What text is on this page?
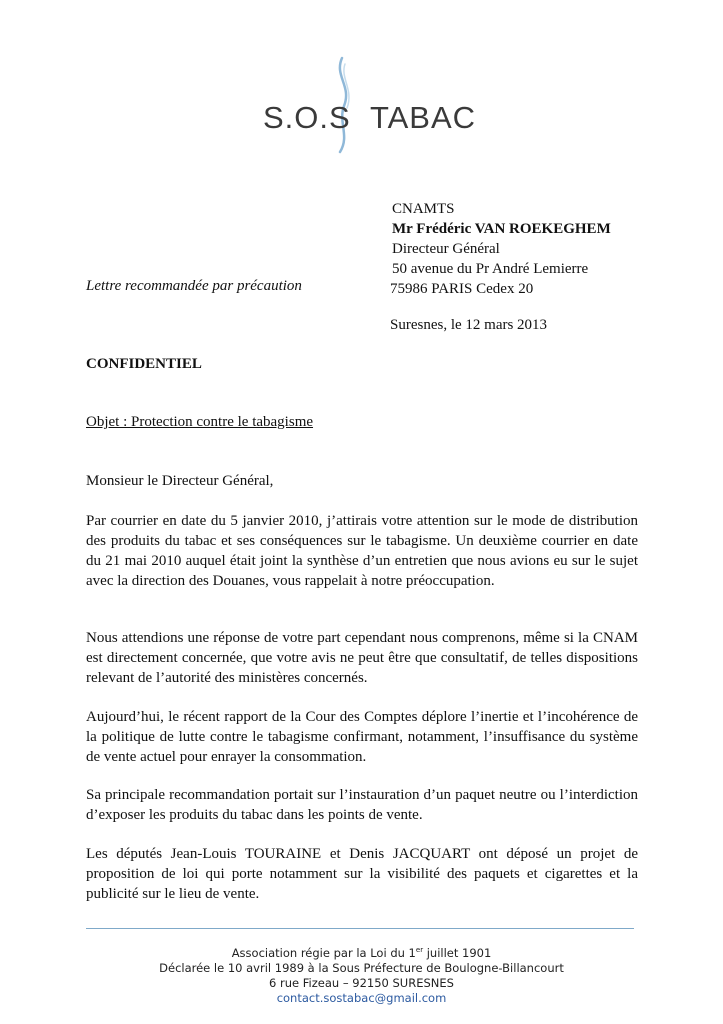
S.O.S TABAC
CNAMTS
Mr Frédéric VAN ROEKEGHEM
Directeur Général
50 avenue du Pr André Lemierre
75986 PARIS Cedex 20
Lettre recommandée par précaution
Suresnes, le 12 mars 2013
CONFIDENTIEL
Objet : Protection contre le tabagisme
Monsieur le Directeur Général,
Par courrier en date du 5 janvier 2010, j’attirais votre attention sur le mode de distribution des produits du tabac et ses conséquences sur le tabagisme. Un deuxième courrier en date du 21 mai 2010 auquel était joint la synthèse d’un entretien que nous avions eu sur le sujet avec la direction des Douanes, vous rappelait à notre préoccupation.
Nous attendions une réponse de votre part cependant nous comprenons, même si la CNAM est directement concernée, que votre avis ne peut être que consultatif, de telles dispositions relevant de l’autorité des ministères concernés.
Aujourd’hui, le récent rapport de la Cour des Comptes déplore l’inertie et l’incohérence de la politique de lutte contre le tabagisme confirmant, notamment, l’insuffisance du système de vente actuel pour enrayer la consommation.
Sa principale recommandation portait sur l’instauration d’un paquet neutre ou l’interdiction d’exposer les produits du tabac dans les points de vente.
Les députés Jean-Louis TOURAINE et Denis JACQUART ont déposé un projet de proposition de loi qui porte notamment sur la visibilité des paquets et cigarettes et la publicité sur le lieu de vente.
Association régie par la Loi du 1er juillet 1901
Déclarée le 10 avril 1989 à la Sous Préfecture de Boulogne-Billancourt
6 rue Fizeau – 92150 SURESNES
contact.sostabac@gmail.com
